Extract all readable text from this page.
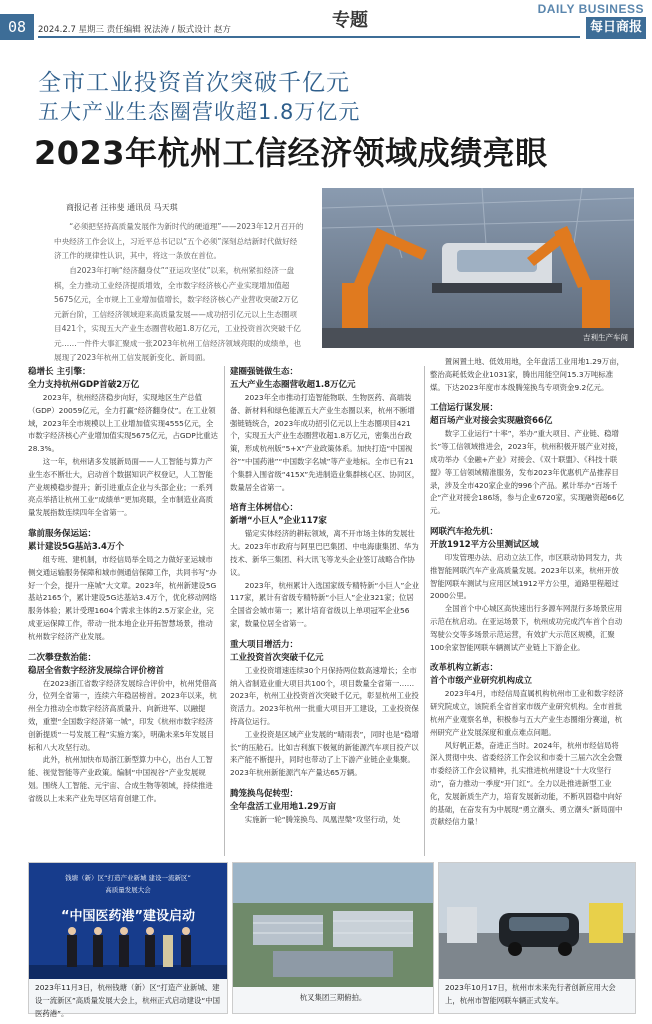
08	2024.2.7 星期三 责任编辑 祝法涛 / 版式设计 赵方	专题
DAILY BUSINESS
每日商报
全市工业投资首次突破千亿元
五大产业生态圈营收超1.8万亿元
2023年杭州工信经济领域成绩亮眼
商报记者 汪祎斐 通讯员 马天琪
“必须把坚持高质量发展作为新时代的硬道理”——2023年12月召开的中央经济工作会议上，习近平总书记以“五个必须”深刻总结新时代做好经济工作的规律性认识，其中，将这一条放在首位。
自2023年打响“经济翻身仗”“亚运攻坚仗”以来，杭州紧扣经济一盘棋，全力推动工业经济提质增效，全市数字经济核心产业实现增加值超5675亿元，全市规上工业增加值增长，数字经济核心产业营收突破2万亿元新台阶，工信经济领域迎来高质量发展——成功招引亿元以上生态圈项目421个，实现五大产业生态圈营收超1.8万亿元，工业投资首次突破千亿元……一件件大事汇聚成一张2023年杭州工信经济领域亮眼的成绩单，也展现了2023年杭州工信发展新变化、新局面。
吉利生产车间
稳增长 主引擎：
全力支持杭州GDP首破2万亿

2023年，杭州经济稳步向好，实现地区生产总值（GDP）20059亿元，全力打赢“经济翻身仗”。在工业领域，2023年全市规模以上工业增加值实现4555亿元，全市数字经济核心产业增加值实现5675亿元，占GDP比重达28.3%。

这一年，杭州诸多发展新局面——人工智能与算力产业生态不断壮大，启动首个数据知识产权登记，人工智能产业规模稳步提升；新引进重点企业与头部企业；一系列亮点举措让杭州工业“成绩单”更加亮眼，全市制造业高质量发展指数连续四年全省第一。

靠前服务保运运：
累计建设5G基站3.4万个

组专班、建机制，市经信局举全局之力做好亚运城市侧交通运输服务保障和城市侧通信保障工作，共同书写“办好一个会，提升一座城”大文章。2023年，杭州新建设5G基站2165个，累计建设5G达基站3.4万个，优化移动网络服务体验；累计受理1604个需求主体的2.5万家企业，完成亚运保障工作，带动一批本地企业开拓智慧场景，推动杭州数字经济产业发展。

二次攀登数治能：
稳居全省数字经济发展综合评价榜首

在2023浙江省数字经济发展综合评价中，杭州凭借高分，位列全省第一，连续六年稳居榜首。2023年以来，杭州全力推动全市数字经济高质量升、向新进军、以融提效，重塑“全国数字经济第一城”，印发《杭州市数字经济创新提质“一号发展工程”实施方案》，明确未来5年发展目标和八大攻坚行动。

此外，杭州加快布局浙江新型算力中心，出台人工智能、视觉智能等产业政策。编制“中国视谷”产业发展规划。围绕人工智能、元宇宙、合成生物等领域，持续推进省级以上未来产业先导区培育创建工作。

建圈强链做生态：
五大产业生态圈营收超1.8万亿元

2023年全市推动打造智能物联、生物医药、高端装备、新材料和绿色能源五大产业生态圈以来，杭州不断增强链链统合，2023年成功招引亿元以上生态圈项目421个，实现五大产业生态圈营收超1.8万亿元，密集出台政策，形成杭州版“5+X”产业政策体系。加快打造“中国视谷”“中国药港”“中国数字名城”等产业地标。全市已有21个集群入围省级“415X”先进制造业集群核心区、协同区，数量居全省第一。

培育主体树信心：
新增“小巨人”企业117家

锚定实体经济的耕耘领域，离不开市场主体的发展壮大。2023年市政府与阿里巴巴集团、中电海康集团、华为技术、新华三集团、科大讯飞等龙头企业签订战略合作协议。

2023年，杭州累计入选国家级专精特新“小巨人”企业117家，累计有省级专精特新“小巨人”企业321家；位居全国省会城市第一；累计培育省级以上单项冠军企业56家，数量位居全省第一。

重大项目增活力：
工业投资首次突破千亿元

工业投资增速连续30个月保持两位数高速增长；全市纳入省制造业重大项目共100个，项目数量全省第一……2023年，杭州工业投资首次突破千亿元，彰显杭州工业投资活力。2023年杭州一批重大项目开工建设，工业投资保持高位运行。

工业投资是区域产业发展的“晴雨表”，同时也是“稳增长”的压舱石。比如吉利旗下极氪的新能源汽车项目投产以来产能不断提升，同时也带动了上下游产业链企业集聚。2023年杭州新能源汽车产量达65万辆。

腾笼换鸟促转型：
全年盘活工业用地1.29万亩

实施新一轮“腾笼换鸟、凤凰涅槃”攻坚行动，处

置闲置土地、低效用地，全年盘活工业用地1.29万亩，整治高耗低效企业1031家，腾出用能空间15.3万吨标准煤。下达2023年度市本级腾笼换鸟专项资金9.2亿元。

工信运行谋发展：
超百场产业对接会实现融资66亿

数字工业运行“十率”，举办“重大项目、产业链、稳增长”等工信领域推进会，2023年，杭州积极开展产业对接，成功举办《金融+产业》对接会、《双十联盟》、《科技十联盟》等工信领域精准服务，发布2023年优惠机产品推荐目录，涉及全市420家企业的996个产品。累计举办“百场千企”产业对接会186场，参与企业6720家，实现融资超66亿元。

网联汽车抢先机：
开放1912平方公里测试区域

印发管理办法、启动立法工作，市区联动协同发力，共推智能网联汽车产业高质量发展。2023年以来，杭州开放智能网联车测试与应用区域1912平方公里，道路里程超过2000公里。

全国首个中心城区高快速出行多源车网混行多场景应用示范在杭启动。在亚运场景下，杭州成功完成汽车首个自动驾驶公交等多场景示范运营，有效扩大示范区规模，汇聚100余家智能网联车辆测试产业链上下游企业。

改革机构立新志：
首个市级产业研究机构成立

2023年4月，市经信局直属机构杭州市工业和数字经济研究院成立，该院系全省首家市级产业研究机构。全市首批杭州产业观察名单，积极参与五大产业生态圈细分赛道，杭州研究产业发展深度和重点难点问题。

风好帆正悬，奋进正当时。2024年，杭州市经信局将深入贯彻中央、省委经济工作会议和市委十三届六次全会暨市委经济工作会议精神，扎实推进杭州建设“十大攻坚行动”，奋力推动一季度“开门红”。全力以赴推进新型工业化，发展新质生产力，培育发展新动能，不断巩固稳中向好的基础，在奋发有为中展现“勇立潮头、勇立潮头”新局面中贡献经信力量！

钱塘（新）区“打造产业新城 建设一流新区”
高质量发展大会
“中国医药港”建设启动
2023年11月3日，杭州钱塘（新）区“打造产业新城、建设一流新区”高质量发展大会上，杭州正式启动建设“中国医药港”。
杭叉集团三期俯拍。
2023年10月17日，杭州市未来先行者创新应用大会上，杭州市智能网联车辆正式发车。
